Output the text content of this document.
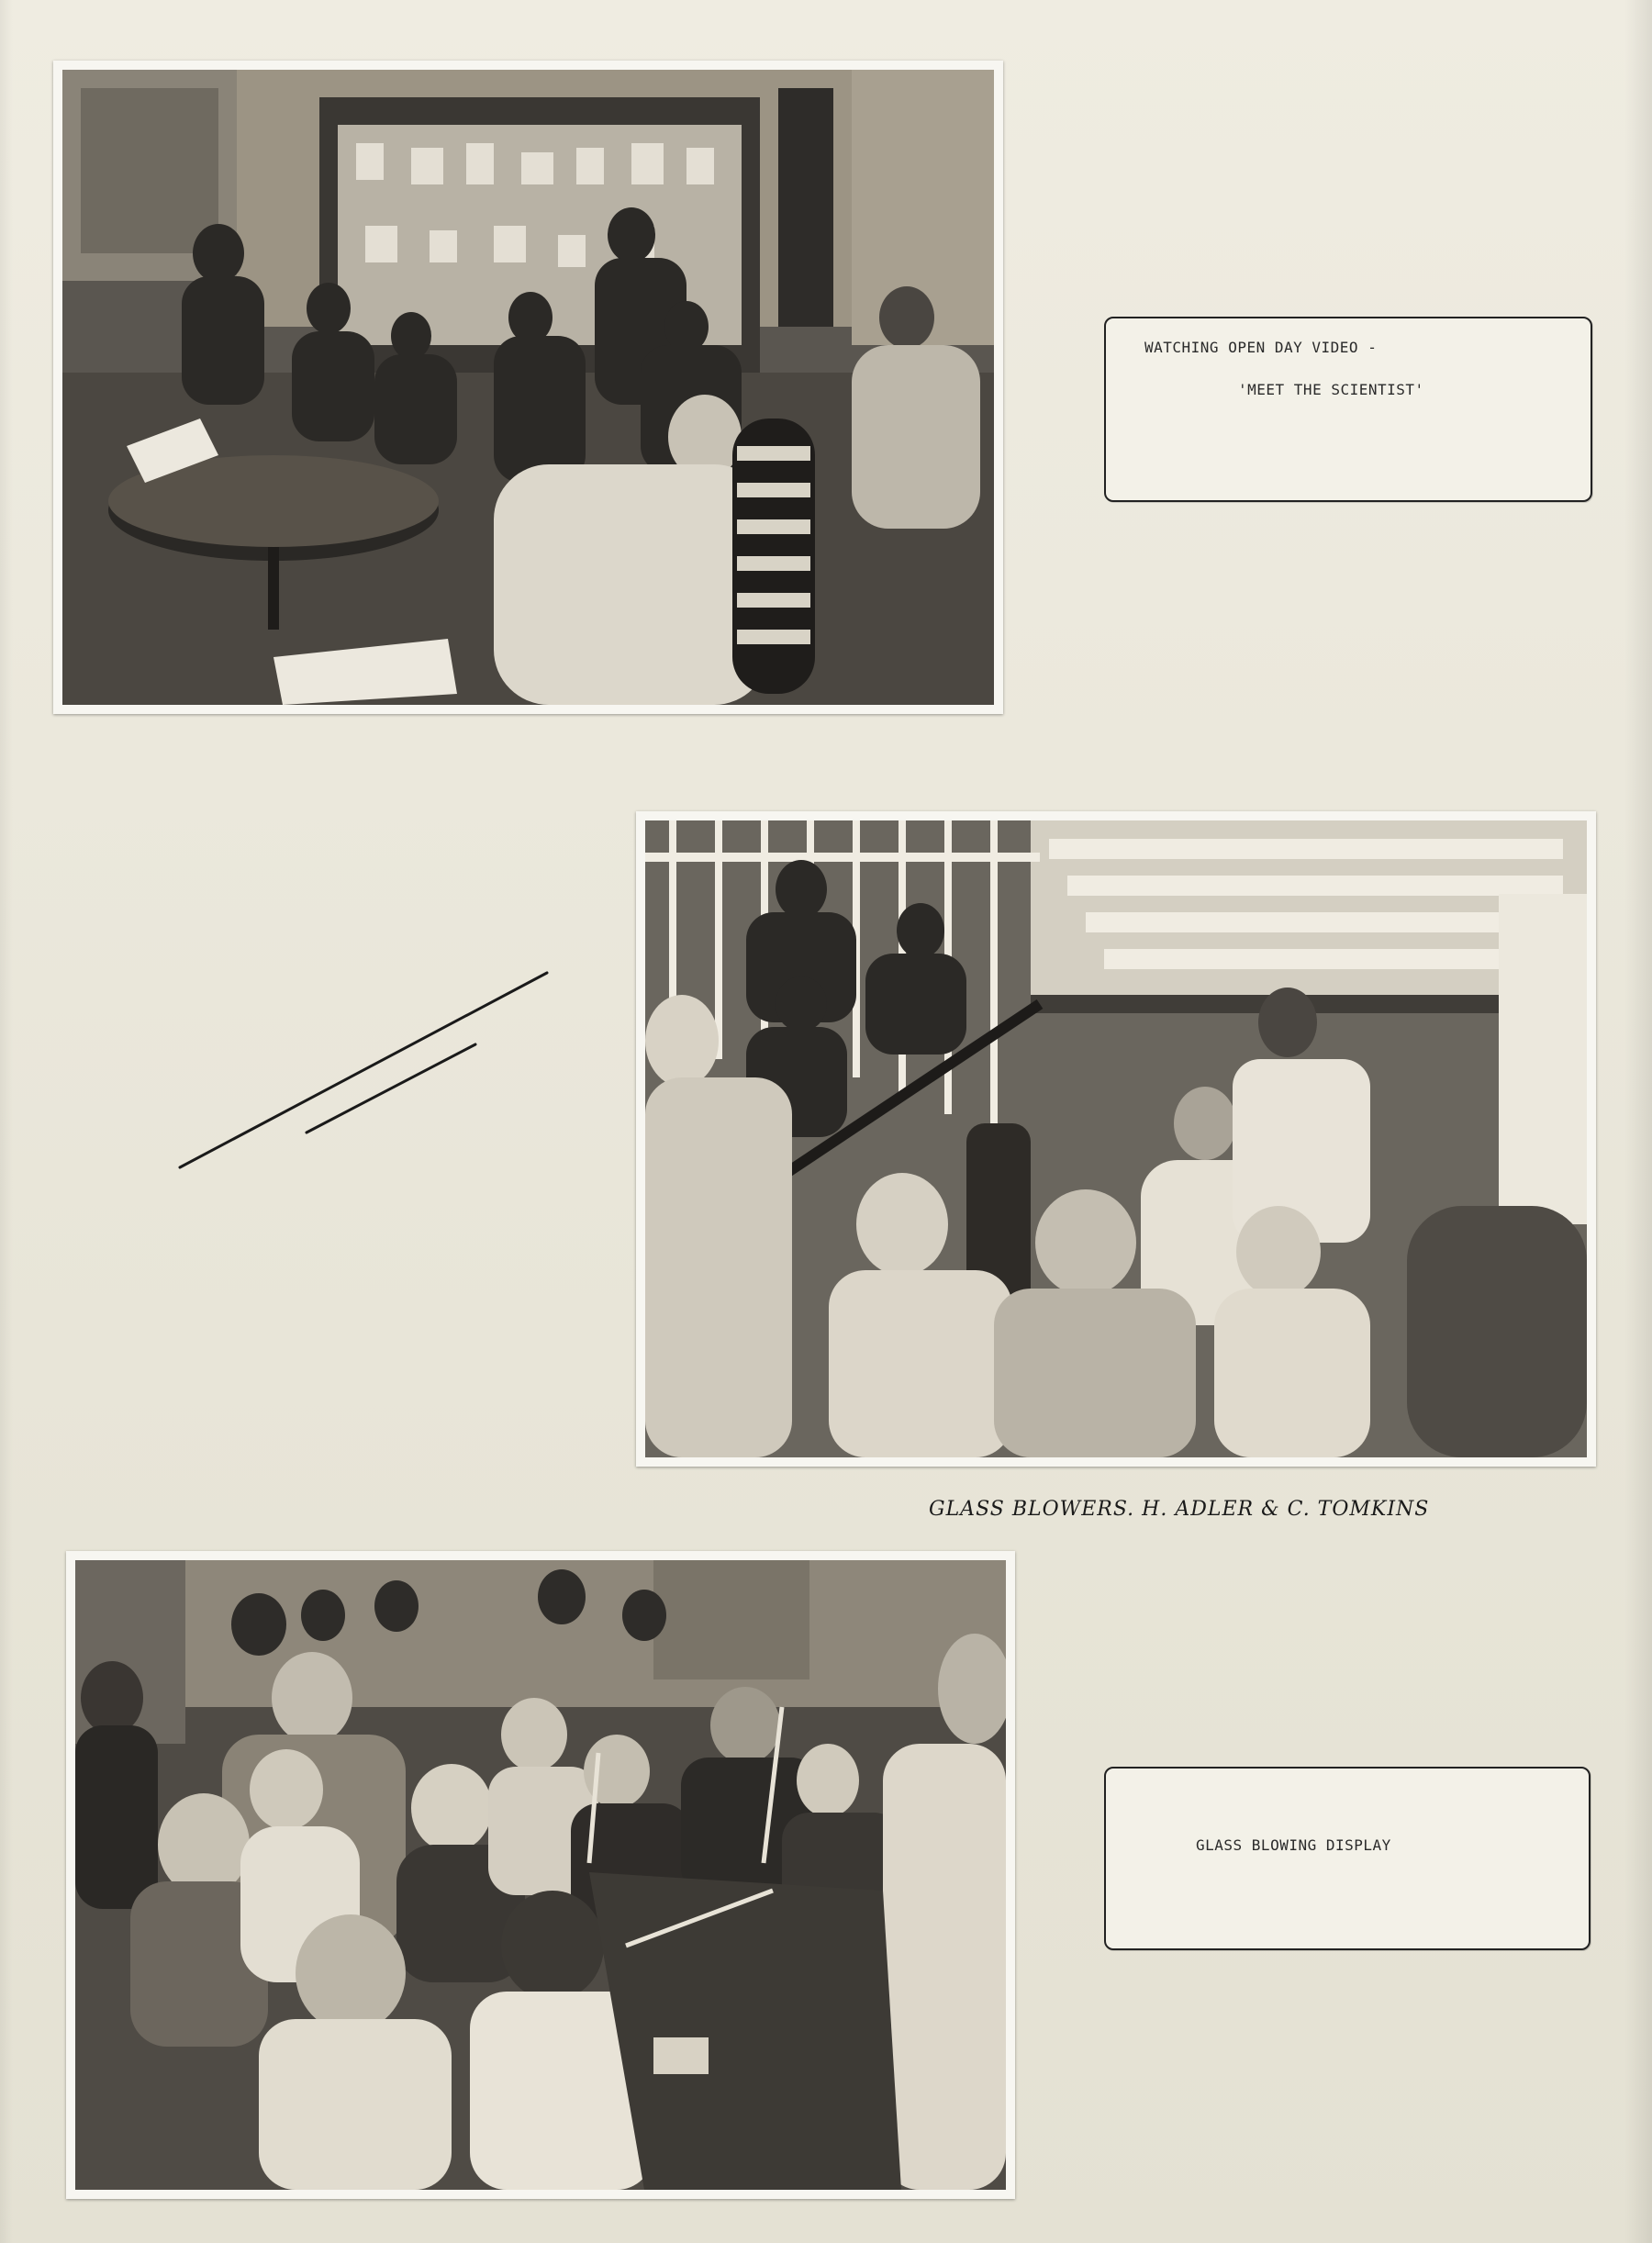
WATCHING OPEN DAY VIDEO -
'MEET THE SCIENTIST'
GLASS BLOWERS. H. ADLER & C. TOMKINS
GLASS BLOWING DISPLAY
